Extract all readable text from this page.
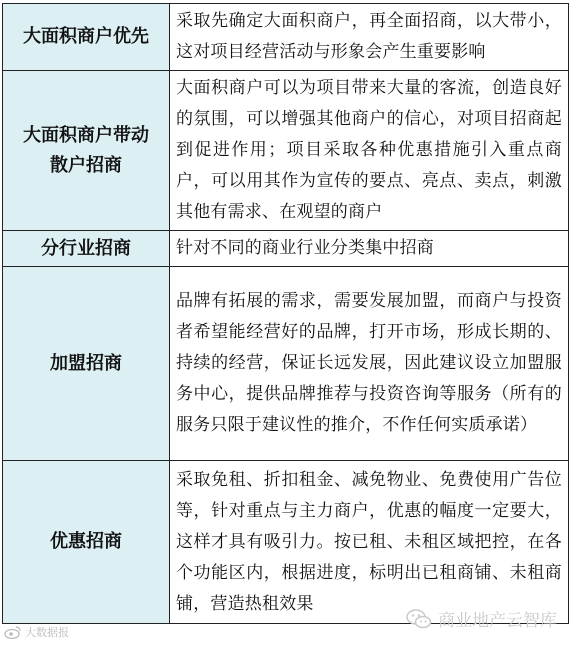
大面积商户优先	采取先确定大面积商户，再全面招商，以大带小，这对项目经营活动与形象会产生重要影响
大面积商户带动散户招商	大面积商户可以为项目带来大量的客流，创造良好的氛围，可以增强其他商户的信心，对项目招商起到促进作用；项目采取各种优惠措施引入重点商户，可以用其作为宣传的要点、亮点、卖点，刺激其他有需求、在观望的商户
分行业招商	针对不同的商业行业分类集中招商
加盟招商	品牌有拓展的需求，需要发展加盟，而商户与投资者希望能经营好的品牌，打开市场，形成长期的、持续的经营，保证长远发展，因此建议设立加盟服务中心，提供品牌推荐与投资咨询等服务（所有的服务只限于建议性的推介，不作任何实质承诺）
优惠招商	采取免租、折扣租金、减免物业、免费使用广告位等，针对重点与主力商户，优惠的幅度一定要大，这样才具有吸引力。按已租、未租区域把控，在各个功能区内，根据进度，标明出已租商铺、未租商铺，营造热租效果
大数据报
商业地产云智库
